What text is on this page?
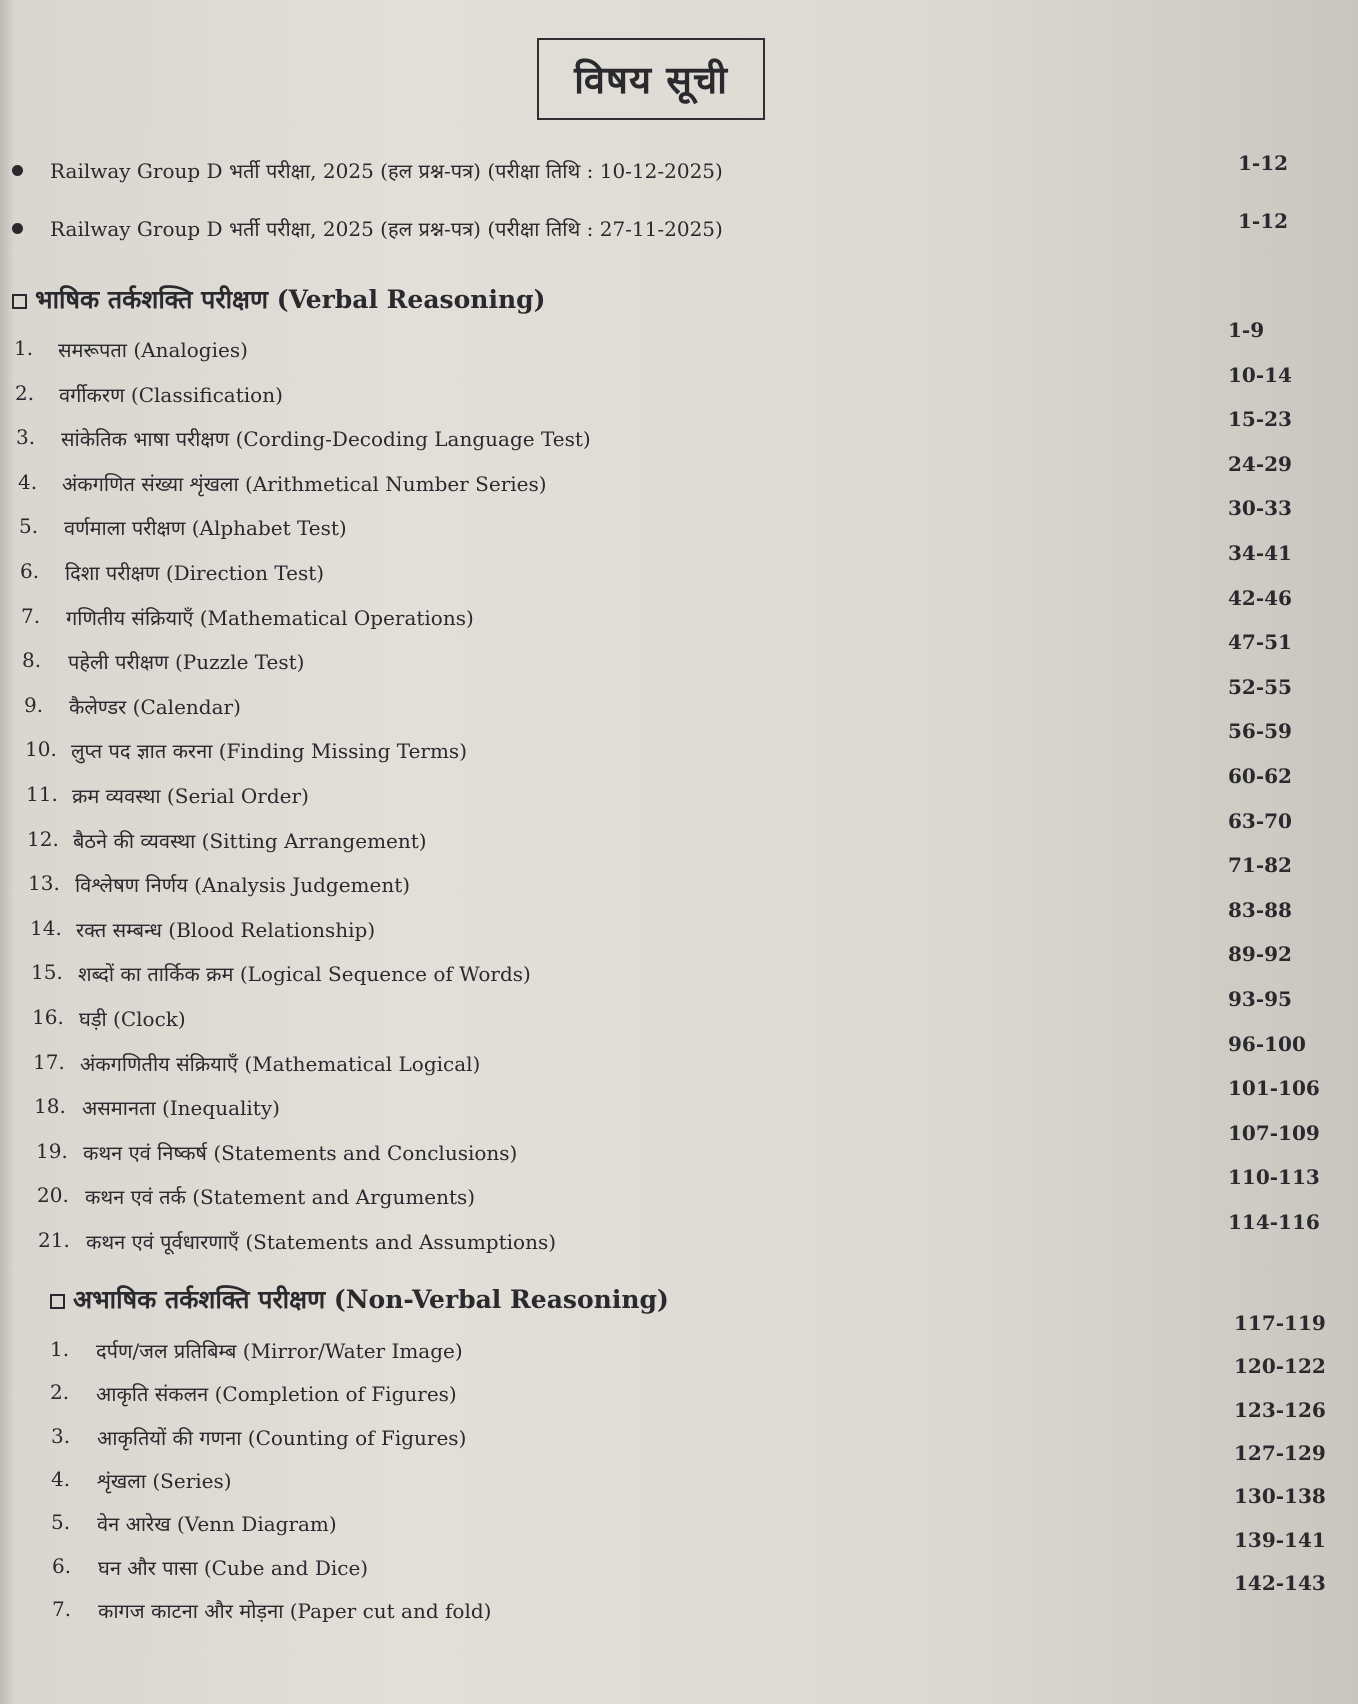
विषय सूची
Railway Group D भर्ती परीक्षा, 2025 (हल प्रश्न-पत्र) (परीक्षा तिथि : 10-12-2025)	1-12
Railway Group D भर्ती परीक्षा, 2025 (हल प्रश्न-पत्र) (परीक्षा तिथि : 27-11-2025)	1-12
भाषिक तर्कशक्ति परीक्षण (Verbal Reasoning)
1. समरूपता (Analogies)
1-9
2. वर्गीकरण (Classification)
10-14
3. सांकेतिक भाषा परीक्षण (Cording-Decoding Language Test)
15-23
4. अंकगणित संख्या शृंखला (Arithmetical Number Series)
24-29
5. वर्णमाला परीक्षण (Alphabet Test)
30-33
6. दिशा परीक्षण (Direction Test)
34-41
7. गणितीय संक्रियाएँ (Mathematical Operations)
42-46
8. पहेली परीक्षण (Puzzle Test)
47-51
9. कैलेण्डर (Calendar)
52-55
10. लुप्त पद ज्ञात करना (Finding Missing Terms)
56-59
11. क्रम व्यवस्था (Serial Order)
60-62
12. बैठने की व्यवस्था (Sitting Arrangement)
63-70
13. विश्लेषण निर्णय (Analysis Judgement)
71-82
14. रक्त सम्बन्ध (Blood Relationship)
83-88
15. शब्दों का तार्किक क्रम (Logical Sequence of Words)
89-92
16. घड़ी (Clock)
93-95
17. अंकगणितीय संक्रियाएँ (Mathematical Logical)
96-100
18. असमानता (Inequality)
101-106
19. कथन एवं निष्कर्ष (Statements and Conclusions)
107-109
20. कथन एवं तर्क (Statement and Arguments)
110-113
21. कथन एवं पूर्वधारणाएँ (Statements and Assumptions)
114-116
अभाषिक तर्कशक्ति परीक्षण (Non-Verbal Reasoning)
1. दर्पण/जल प्रतिबिम्ब (Mirror/Water Image)
117-119
2. आकृति संकलन (Completion of Figures)
120-122
3. आकृतियों की गणना (Counting of Figures)
123-126
4. शृंखला (Series)
127-129
5. वेन आरेख (Venn Diagram)
130-138
6. घन और पासा (Cube and Dice)
139-141
7. कागज काटना और मोड़ना (Paper cut and fold)
142-143
